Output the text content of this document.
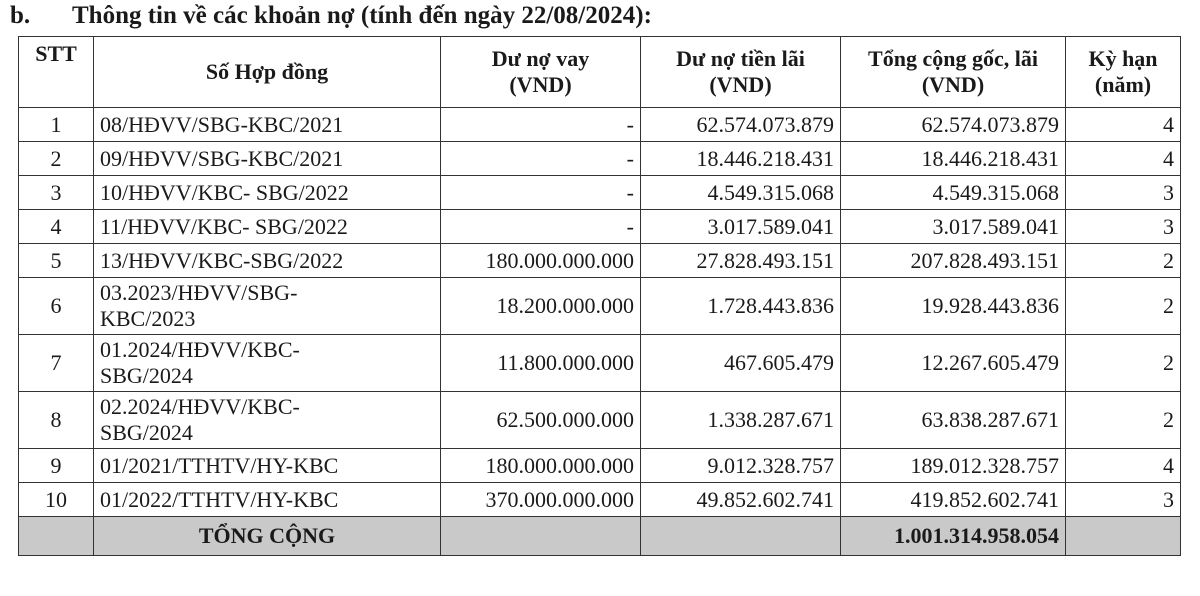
b. Thông tin về các khoản nợ (tính đến ngày 22/08/2024):
STT	Số Hợp đồng	Dư nợ vay (VND)	Dư nợ tiền lãi (VND)	Tổng cộng gốc, lãi (VND)	Kỳ hạn (năm)
1	08/HĐVV/SBG-KBC/2021	-	62.574.073.879	62.574.073.879	4
2	09/HĐVV/SBG-KBC/2021	-	18.446.218.431	18.446.218.431	4
3	10/HĐVV/KBC- SBG/2022	-	4.549.315.068	4.549.315.068	3
4	11/HĐVV/KBC- SBG/2022	-	3.017.589.041	3.017.589.041	3
5	13/HĐVV/KBC-SBG/2022	180.000.000.000	27.828.493.151	207.828.493.151	2
6	03.2023/HĐVV/SBG-KBC/2023	18.200.000.000	1.728.443.836	19.928.443.836	2
7	01.2024/HĐVV/KBC-SBG/2024	11.800.000.000	467.605.479	12.267.605.479	2
8	02.2024/HĐVV/KBC-SBG/2024	62.500.000.000	1.338.287.671	63.838.287.671	2
9	01/2021/TTHTV/HY-KBC	180.000.000.000	9.012.328.757	189.012.328.757	4
10	01/2022/TTHTV/HY-KBC	370.000.000.000	49.852.602.741	419.852.602.741	3
	TỔNG CỘNG			1.001.314.958.054	
